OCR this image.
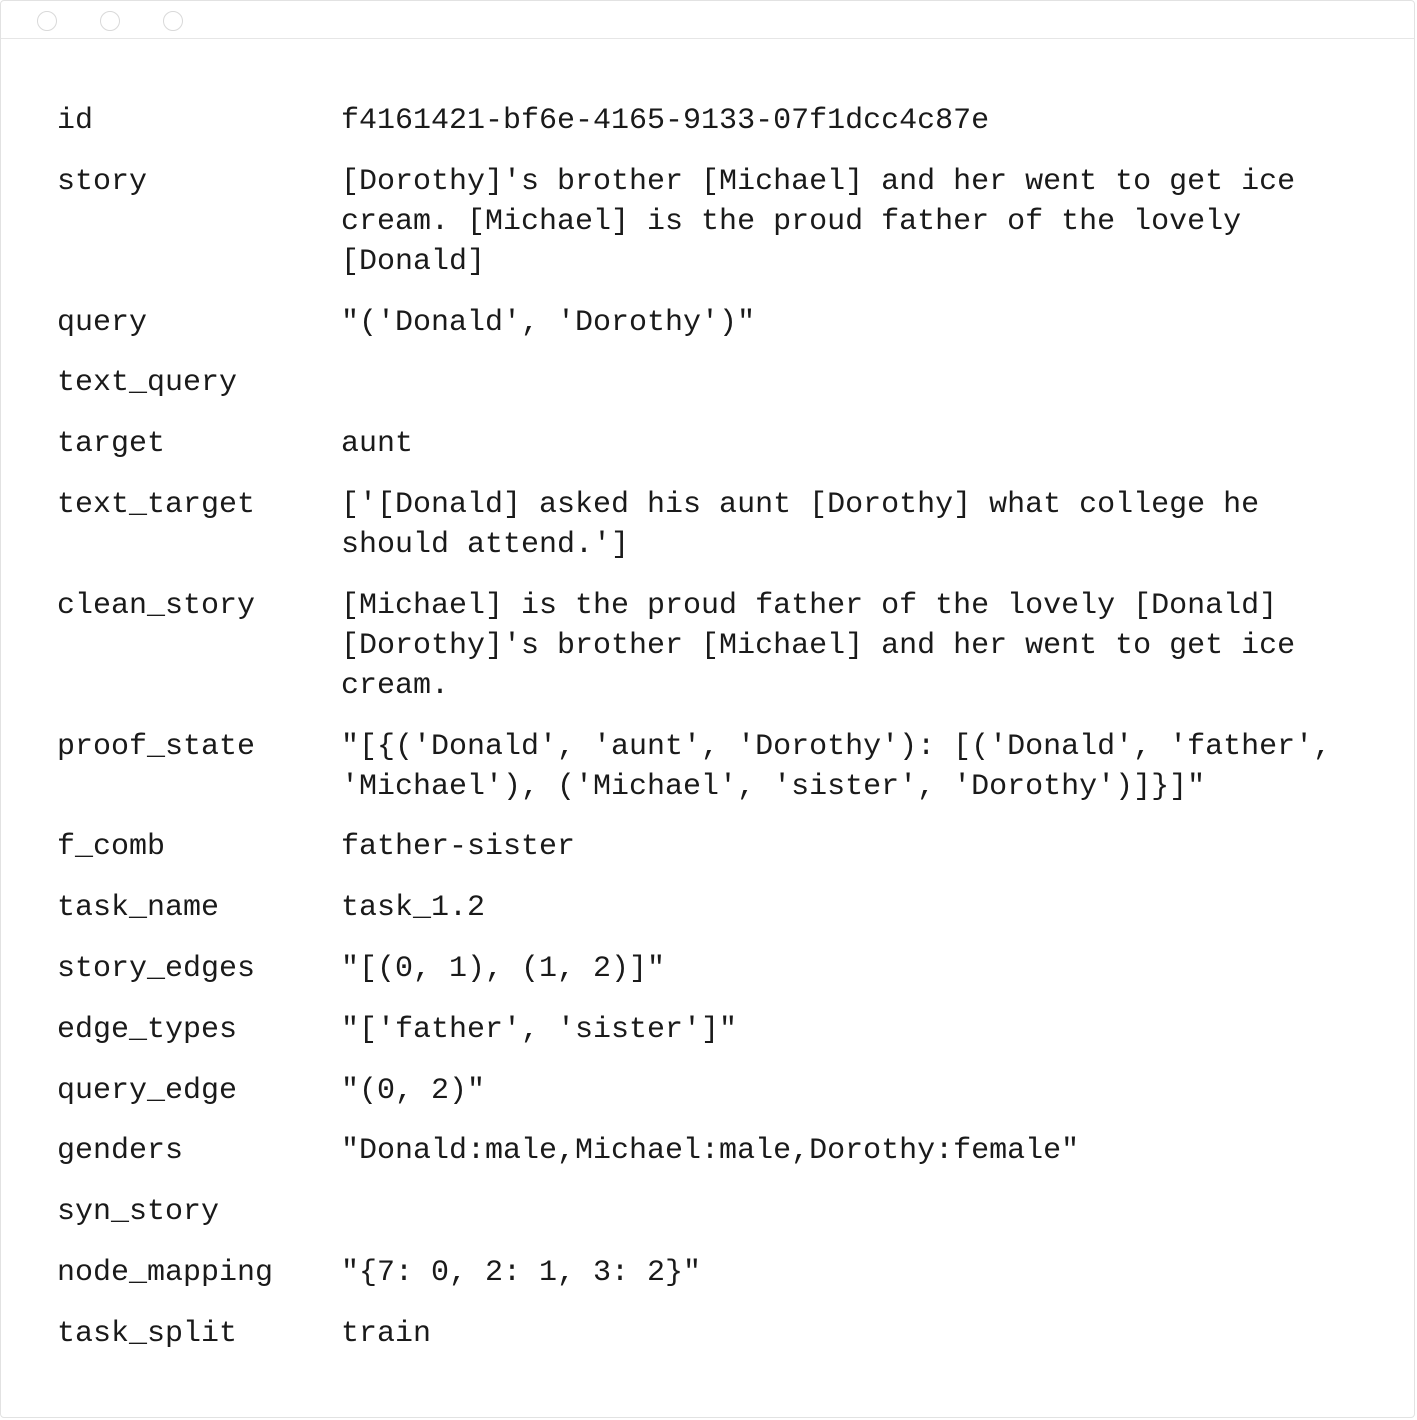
id	f4161421-bf6e-4165-9133-07f1dcc4c87e
story	[Dorothy]'s brother [Michael] and her went to get ice cream. [Michael] is the proud father of the lovely [Donald]
query	"('Donald', 'Dorothy')"
text_query
target	aunt
text_target	['[Donald] asked his aunt [Dorothy] what college he should attend.']
clean_story	[Michael] is the proud father of the lovely [Donald] [Dorothy]'s brother [Michael] and her went to get ice cream.
proof_state	"[{('Donald', 'aunt', 'Dorothy'): [('Donald', 'father', 'Michael'), ('Michael', 'sister', 'Dorothy')]}]"
f_comb	father-sister
task_name	task_1.2
story_edges	"[(0, 1), (1, 2)]"
edge_types	"['father', 'sister']"
query_edge	"(0, 2)"
genders	"Donald:male,Michael:male,Dorothy:female"
syn_story
node_mapping	"{7: 0, 2: 1, 3: 2}"
task_split	train
